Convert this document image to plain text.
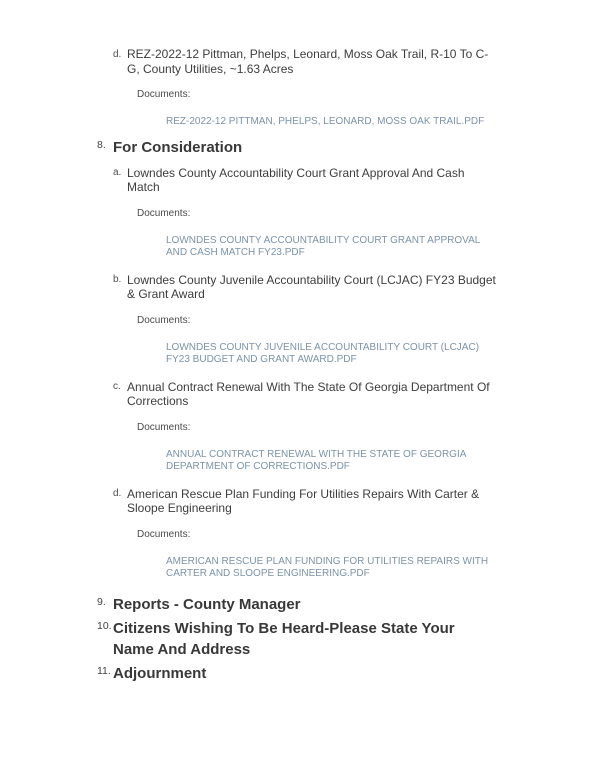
d. REZ-2022-12 Pittman, Phelps, Leonard, Moss Oak Trail, R-10 To C-G, County Utilities, ~1.63 Acres
Documents:
REZ-2022-12 PITTMAN, PHELPS, LEONARD, MOSS OAK TRAIL.PDF
8. For Consideration
a. Lowndes County Accountability Court Grant Approval And Cash Match
Documents:
LOWNDES COUNTY ACCOUNTABILITY COURT GRANT APPROVAL AND CASH MATCH FY23.PDF
b. Lowndes County Juvenile Accountability Court (LCJAC) FY23 Budget & Grant Award
Documents:
LOWNDES COUNTY JUVENILE ACCOUNTABILITY COURT (LCJAC) FY23 BUDGET AND GRANT AWARD.PDF
c. Annual Contract Renewal With The State Of Georgia Department Of Corrections
Documents:
ANNUAL CONTRACT RENEWAL WITH THE STATE OF GEORGIA DEPARTMENT OF CORRECTIONS.PDF
d. American Rescue Plan Funding For Utilities Repairs With Carter & Sloope Engineering
Documents:
AMERICAN RESCUE PLAN FUNDING FOR UTILITIES REPAIRS WITH CARTER AND SLOOPE ENGINEERING.PDF
9. Reports - County Manager
10. Citizens Wishing To Be Heard-Please State Your Name And Address
11. Adjournment
